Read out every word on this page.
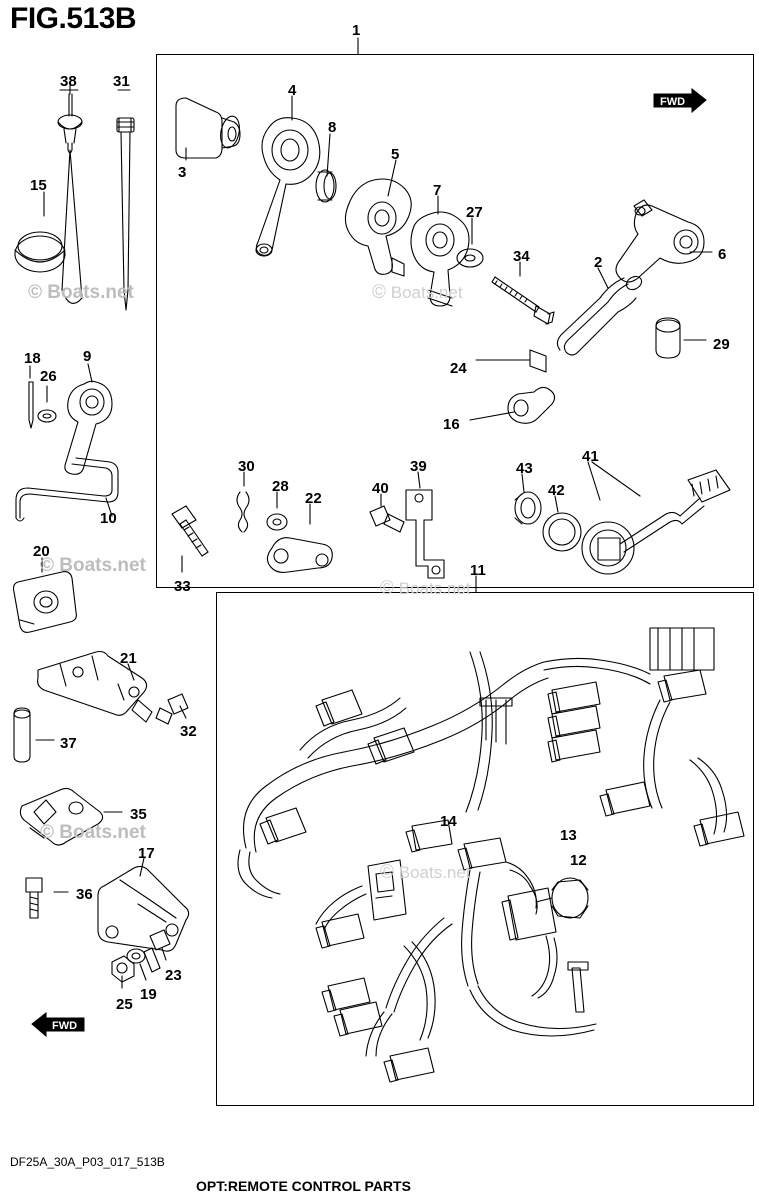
FIG.513B
FWD
FWD
1
38 31
4
8
3
5
15	7
27
6
34	2
29
24
18	9
26
16
10
30
28
22
40
39	43
41
42
11
33
20
21
37
32
14
13
12
35
17
36
23
19
25
© Boats.net
© Boats.net
© Boats.net
© Boats.net
© Boats.net
© Boats.net
DF25A_30A_P03_017_513B
OPT:REMOTE CONTROL PARTS
